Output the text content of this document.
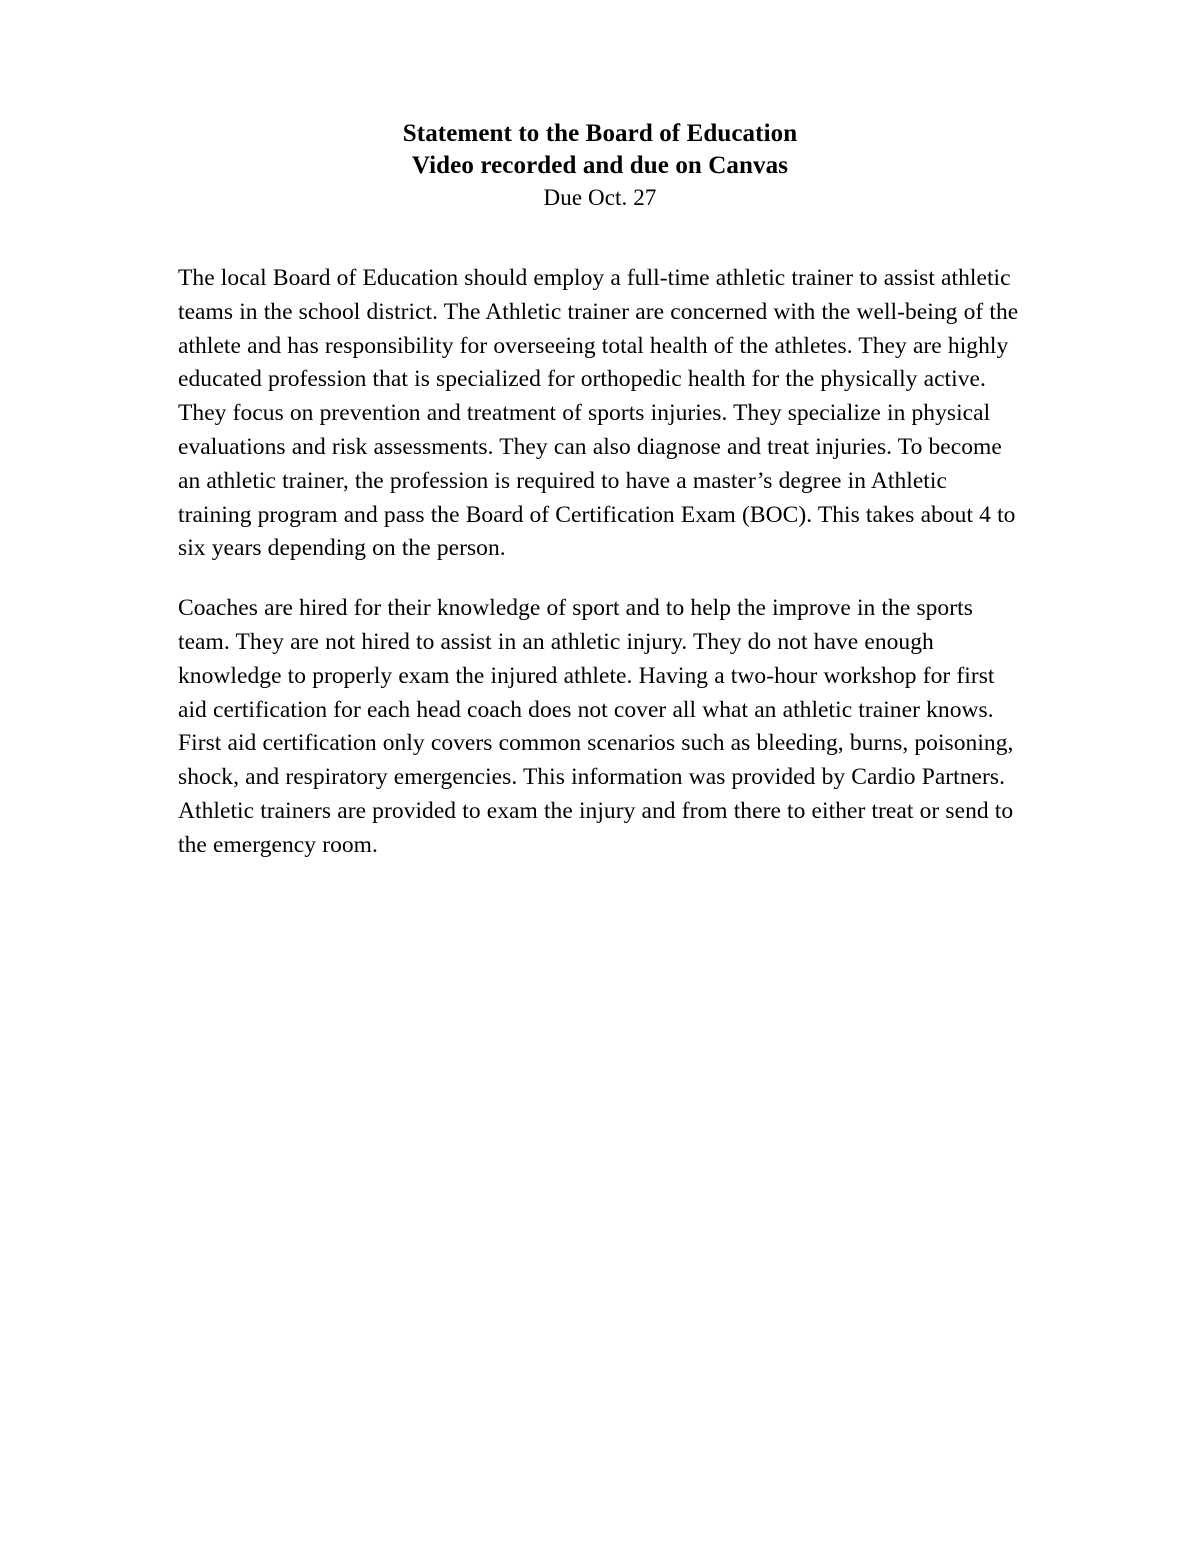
Statement to the Board of Education
Video recorded and due on Canvas
Due Oct. 27

The local Board of Education should employ a full-time athletic trainer to assist athletic teams in the school district. The Athletic trainer are concerned with the well-being of the athlete and has responsibility for overseeing total health of the athletes. They are highly educated profession that is specialized for orthopedic health for the physically active. They focus on prevention and treatment of sports injuries. They specialize in physical evaluations and risk assessments. They can also diagnose and treat injuries. To become an athletic trainer, the profession is required to have a master’s degree in Athletic training program and pass the Board of Certification Exam (BOC). This takes about 4 to six years depending on the person.

Coaches are hired for their knowledge of sport and to help the improve in the sports team. They are not hired to assist in an athletic injury. They do not have enough knowledge to properly exam the injured athlete. Having a two-hour workshop for first aid certification for each head coach does not cover all what an athletic trainer knows. First aid certification only covers common scenarios such as bleeding, burns, poisoning, shock, and respiratory emergencies. This information was provided by Cardio Partners. Athletic trainers are provided to exam the injury and from there to either treat or send to the emergency room.
